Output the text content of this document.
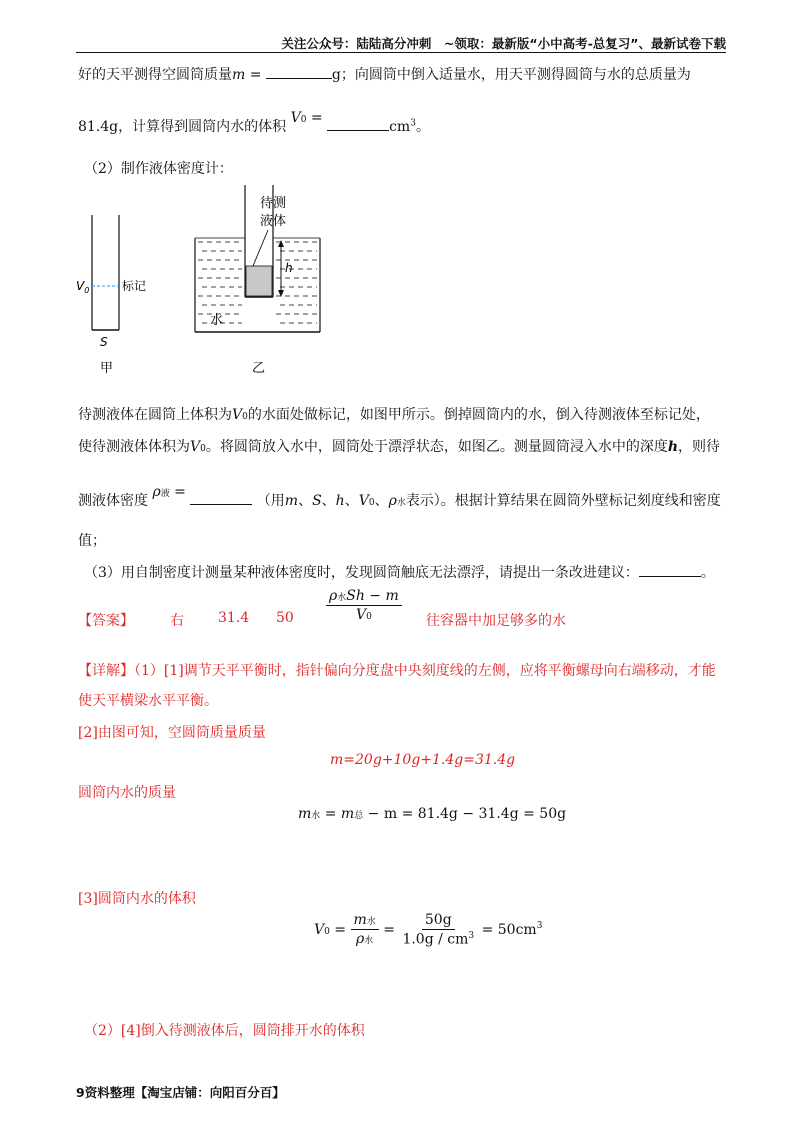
关注公众号：陆陆高分冲刺　~领取：最新版“小中高考-总复习”、最新试卷下载
好的天平测得空圆筒质量m =	g；向圆筒中倒入适量水，用天平测得圆筒与水的总质量为
81.4g，计算得到圆筒内水的体积 $V0 = cm^3$。
（2）制作液体密度计：
$V_0$	标记
S
甲
待测
液体
h
水
乙
待测液体在圆筒上体积为V0的水面处做标记，如图甲所示。倒掉圆筒内的水，倒入待测液体至标记处，
使待测液体体积为V0。将圆筒放入水中，圆筒处于漂浮状态，如图乙。测量圆筒浸入水中的深度h，则待
测液体密度 ρ液 =  （用m、S、h、V0、ρ水表示）。根据计算结果在圆筒外壁标记刻度线和密度
值；
（3）用自制密度计测量某种液体密度时，发现圆筒触底无法漂浮，请提出一条改进建议：	。
【答案】	右 31.4 $50 \frac{\text{ρ水Sh − m}}{V0}$ 往容器中加足够多的水
【详解】（1）[1]调节天平平衡时，指针偏向分度盘中央刻度线的左侧，应将平衡螺母向右端移动，才能
使天平横梁水平平衡。
[2]由图可知，空圆筒质量质量
m=20g+10g+1.4g=31.4g
圆筒内水的质量
m水 = m总 − m = 81.4g − 31.4g = 50g
[3]圆筒内水的体积
$V0 = \frac{\text{m水}}{\text{ρ水}} = \frac{50g}{1.0g / cm^3} = 50cm^3$
（2）[4]倒入待测液体后，圆筒排开水的体积
9资料整理【淘宝店铺：向阳百分百】
